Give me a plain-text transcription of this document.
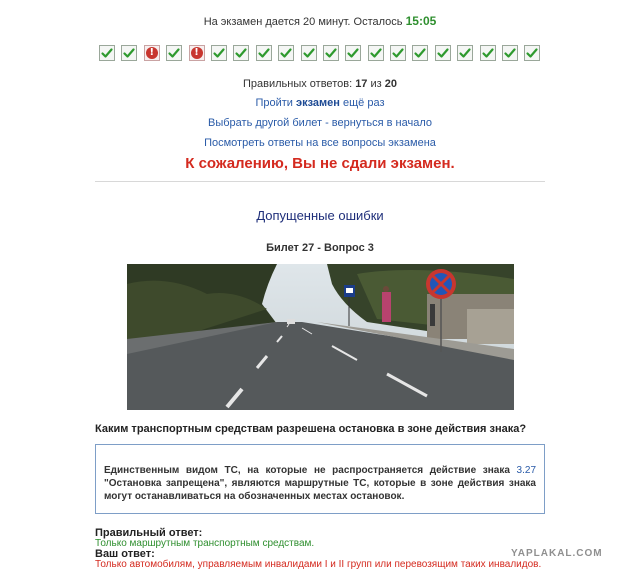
На экзамен дается 20 минут. Осталось 15:05
!	!
Правильных ответов: 17 из 20
Пройти экзамен ещё раз
Выбрать другой билет - вернуться в начало
Посмотреть ответы на все вопросы экзамена
К сожалению, Вы не сдали экзамен.
Допущенные ошибки
Билет 27 - Вопрос 3
Каким транспортным средствам разрешена остановка в зоне действия знака?
Единственным видом ТС, на которые не распространяется действие знака 3.27 "Остановка запрещена", являются маршрутные ТС, которые в зоне действия знака могут останавливаться на обозначенных местах остановок.
Правильный ответ:
Только маршрутным транспортным средствам.
Ваш ответ:
Только автомобилям, управляемым инвалидами I и II групп или перевозящим таких инвалидов.
YAPLAKAL.COM
